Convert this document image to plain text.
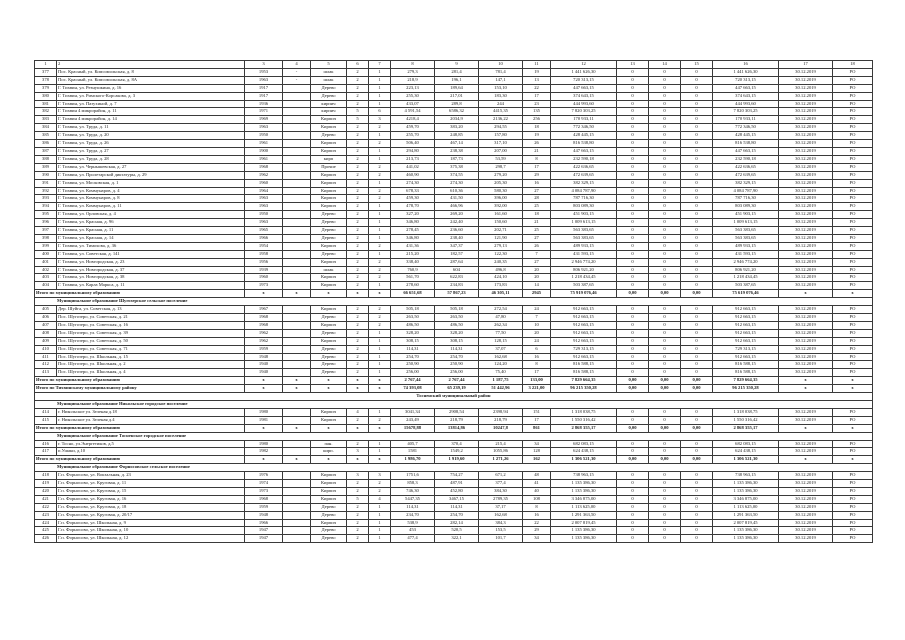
1	2	3	4	5	6	7	8	9	10	11	12	13	14	15	16	17	18
377	Пос. Красный, ул. Комсомольская, д. 8	1953	-	шлак	2	1	279,3	281,4	781,4	19	1 441 626,30	0	0	0	1 441 626,30	30.12.2019	РО
378	Пос. Красный, ул. Комсомольская, д. 8А	1963	-	шлак	2	1	218,9	196,1	147,1	13	720 313,15	0	0	0	720 313,15	30.12.2019	РО
379	Г. Тихвин, ул. Резнушкина, д. 16	1917		Дерево	2	1	223,13	189,64	153,10	22	447 663,15	0	0	0	447 663,15	30.12.2019	РО
380	Г. Тихвин, ул. Римского-Корсакова, д. 3	1917		Дерево	2	1	255,30	217,01	183,30	17	374 643,15	0	0	0	374 643,15	30.12.2019	РО
381	Г. Тихвин, ул. Пазухиной, д. 7	1936		кирпич	2	1	433,07	289,8	244	23	444 993,60	0	0	0	444 993,60	30.12.2019	РО
382	Г. Тихвин 4 микрорайон, д. 11	1971		кирпич	5	6	4 591,54	6586,32	4415,35	135	7 820 303,25	0	0	0	7 820 303,25	30.12.2019	РО
383	Г. Тихвин 4 микрорайон, д. 14	1969		Кирпич	5	3	4218,4	2034,9	2136,22	256	170 933,11	0	0	0	170 933,11	30.12.2019	РО
384	Г. Тихвин, ул. Труда, д. 11	1963		Кирпич	2	2	459,70	383,20	294,55	18	772 346,50	0	0	0	772 346,50	30.12.2019	РО
385	Г. Тихвин, ул. Труда, д. 20	1950		Дерево	2	1	255,70	248,85	157,80	19	428 445,15	0	0	0	428 445,15	30.12.2019	РО
386	Г. Тихвин, ул. Труда, д. 26	1961		Кирпич	2	2	506,40	467,14	317,10	26	816 538,80	0	0	0	816 538,80	30.12.2019	РО
387	Г. Тихвин, ул. Труда, д. 27	1900		Кирпич	2	1	294,80	238,38	207,00	21	447 663,15	0	0	0	447 663,15	30.12.2019	РО
388	Г. Тихвин, ул. Труда, д. 28	1961		кирп	2	1	213,73	187,73	53,59	8	232 590,18	0	0	0	232 590,18	30.12.2019	РО
389	Г. Тихвин, ул. Чернышевская, д. 27	1968		Прочие	2	2	441,02	375,38	298,7	17	422 636,65	0	0	0	422 636,65	30.12.2019	РО
390	Г. Тихвин, ул. Пролетарской диктатуры, д. 29	1962		Кирпич	2	2	460,90	374,55	279,20	29	472 639,65	0	0	0	472 639,65	30.12.2019	РО
391	Г. Тихвин, ул. Московская, д. 1	1960		Кирпич	2	1	274,30	274,30	205,30	16	382 329,15	0	0	0	382 329,15	30.12.2019	РО
392	Г. Тихвин, ул. Коммунаров, д. 4	1964		Кирпич	2	2	678,33	610,36	580,30	27	4 084 787,90	0	0	0	4 084 787,90	30.12.2019	РО
393	Г. Тихвин, ул. Коммунаров, д. 8	1963		Кирпич	2	2	459,30	431,50	396,00	28	787 716,30	0	0	0	787 716,30	30.12.2019	РО
394	Г. Тихвин, ул. Коммунаров, д. 11	1963		Кирпич	2	1	478,70	466,96	392,00	25	803 089,30	0	0	0	803 089,30	30.12.2019	РО
395	Г. Тихвин, ул. Орловская, д. 4	1950		Дерево	2	1	327,20	269,20	161,60	18	451 903,15	0	0	0	451 903,15	30.12.2019	РО
396	Г. Тихвин, ул. Красная, д. 96	1963		Дерево	2	1	346,80	242,40	150,60	21	1 009 613,15	0	0	0	1 009 613,15	30.12.2019	РО
397	Г. Тихвин, ул. Красная, д. 11	1965		Дерево	2	1	278,45	236,60	202,71	25	563 383,65	0	0	0	563 383,65	30.12.2019	РО
398	Г. Тихвин, ул. Красная, д. 14	1966		Дерево	2	1	346,80	238,40	121,90	27	563 383,65	0	0	0	563 383,65	30.12.2019	РО
399	Г. Тихвин, ул. Тимохова, д. 36	1954		Кирпич	2	2	431,36	347,37	279,13	26	489 933,15	0	0	0	489 933,15	30.12.2019	РО
400	Г. Тихвин, ул. Советская, д. 141	1958		Дерево	2	1	215,20	182,57	122,30	7	431 593,15	0	0	0	431 593,15	30.12.2019	РО
401	Г. Тихвин, ул. Новгородская, д. 23	1956		Кирпич	2	2	338,40	287,64	240,35	27	2 946 774,20	0	0	0	2 946 774,20	30.12.2019	РО
402	Г. Тихвин, ул. Новгородская, д. 37	1939		шлак	2	2	760,9	604	496,8	20	806 921,20	0	0	0	806 921,20	30.12.2019	РО
403	Г. Тихвин, ул. Новгородская, д. 38	1960		Кирпич	2	2	561,70	622,83	424,10	20	1 218 434,45	0	0	0	1 218 434,45	30.12.2019	РО
404	Г. Тихвин, ул. Карла Маркса, д. 11	1973		Кирпич	2	1	278,60	234,83	173,83	14	503 387,65	0	0	0	503 387,65	30.12.2019	РО
Итого по муниципальному образованию		х	х	х	х	х	66 651,68	57 867,23	46 305,11	2945	75 919 076,46	0,00	0,00	0,00	75 619 076,46	х	х
Муниципальное образование Шугозерское сельское поселение																	
405	Дер. Шуйга, ул. Советская, д. 13	1967		Кирпич	2	2	505,18	505,18	272,54	24	912 663,15	0	0	0	912 663,15	30.12.2019	РО
406	Пос. Шугозеро, ул. Советская, д. 21	1968		Дерево	2	2	263,50	263,50	47,80	7	912 663,15	0	0	0	912 663,15	30.12.2019	РО
407	Пос. Шугозеро, ул. Советская, д. 16	1968		Кирпич	2	2	486,50	486,50	262,34	10	912 663,15	0	0	0	912 663,15	30.12.2019	РО
408	Пос. Шугозеро, ул. Советская, д. 39	1962		Дерево	2	1	328,20	328,20	77,50	20	912 663,15	0	0	0	912 663,15	30.12.2019	РО
409	Пос. Шугозеро, ул. Советская, д. 50	1962		Кирпич	2	1	308,15	308,15	128,15	24	912 663,15	0	0	0	912 663,15	30.12.2019	РО
410	Пос. Шугозеро, ул. Советская, д. 71	1959		Дерево	2	1	114,31	114,31	37,07	6	729 313,15	0	0	0	729 313,15	30.12.2019	РО
411	Пос. Шугозеро, ул. Школьная, д. 15	1948		Дерево	2	1	254,70	254,70	162,68	16	912 663,15	0	0	0	912 663,15	30.12.2019	РО
412	Пос. Шугозеро, ул. Школьная, д. 2	1940		Дерево	2	1	250,90	250,90	124,20	8	816 588,15	0	0	0	816 588,15	30.12.2019	РО
413	Пос. Шугозеро, ул. Школьная, д. 4	1940		Дерево	2	1	256,00	256,00	75,40	17	816 588,15	0	0	0	816 588,15	30.12.2019	РО
Итого по муниципальному образованию		х	х	х	х	х	2 767,44	2 767,44	1 187,75	133,00	7 829 664,35	0,00	0,00	0,00	7 829 664,35	х	х
Итого по Тихвинскому муниципальному району		х	х	х	х	х	74 393,08	65 239,19	51 442,96	3 221,00	96 215 350,28	0,00	0,00	0,00	96 215 350,28	х	х
Тосненский муниципальный район																	
Муниципальное образование Никольское городское поселение																	
414	г. Никольское ул. Зеленая д.18	1980		Кирпич	4	1	3041,34	2908,54	2398,94	151	1 318 038,75	0	0	0	1 318 038,75	30.12.2019	РО
415	г. Никольское ул. Зеленая д.4	1981		Кирпич	2	2	243,49	218,79	218,79	17	1 550 316,42	0	0	0	1 550 316,42	30.12.2019	РО
Итого по муниципальному образованию		х	х	х	х	х	15678,88	13814,86	10247,8	861	2 868 355,17	0,00	0,00	0,00	2 868 355,17	х	х
Муниципальное образование Тосненское городское поселение																	
416	г. Тосно, ул.Энергетиков, д.5	1980		пан.	2	1	405,7	370,4	215,4	34	682 083,15	0	0	0	682 083,15	30.12.2019	РО
417	п.Ушаки, д.10	1982		кирп.	3	1	1581	1549,2	1055,86	128	624 438,15	0	0	0	624 438,15	30.12.2019	РО
Итого по муниципальному образованию		х	х	х	х	х	1 986,70	1 919,60	1 271,26	162	1 306 521,30	0,00	0,00	0,00	1 306 521,30	х	х
Муниципальное образование Форносовское сельское поселение																	
418	Г.п. Форносово, ул. Вокзальная, д. 23	1976		Кирпич	3	3	1751,6	754,27	671,2	48	738 963,15	0	0	0	738 963,15	30.12.2019	РО
419	Г.п. Форносово, ул. Круговая, д. 11	1974		Кирпич	2	2	858,3	487,91	377,4	41	1 135 386,30	0	0	0	1 135 386,30	30.12.2019	РО
420	Г.п. Форносово, ул. Круговая, д. 15	1973		Кирпич	2	2	746,30	452,80	384,30	40	1 135 386,30	0	0	0	1 135 386,30	30.12.2019	РО
421	Г.п. Форносово, ул. Круговая, д. 16	1968		Кирпич	5	4	5447,35	3467,15	2789,35	108	3 346 875,00	0	0	0	3 346 875,00	30.12.2019	РО
422	Г.п. Форносово, ул. Круговая, д. 18	1959		Дерево	2	1	114,31	114,31	37,17	8	1 113 625,00	0	0	0	1 113 625,00	30.12.2019	РО
423	Г.п. Форносово, ул. Круговая, д. 20/17	1948		Дерево	2	1	234,70	254,70	162,68	16	1 291 363,50	0	0	0	1 291 363,50	30.12.2019	РО
424	Г.п. Форносово, ул. Школьная, д. 9	1966		Кирпич	2	1	538,9	282,14	384,3	22	2 007 819,45	0	0	0	2 007 819,45	30.12.2019	РО
425	Г.п. Форносово, ул. Школьная, д. 10	1947		Дерево	2	1	453	520,5	153,5	29	1 135 386,30	0	0	0	1 135 386,30	30.12.2019	РО
426	Г.п. Форносово, ул. Школьная, д. 12	1947		Дерево	2	1	477,4	322,1	101,7	34	1 135 386,30	0	0	0	1 135 386,30	30.12.2019	РО
